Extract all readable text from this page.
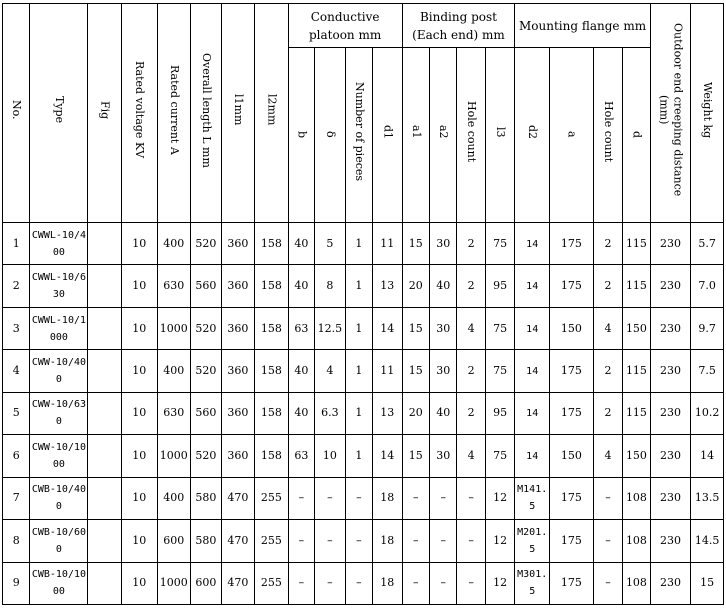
No.	Type	Fig	Rated voltage KV	Rated current A	Overall length L mm	l1mm	l2mm	Conductive platoon mm				Binding post (Each end) mm				Mounting flange mm				Outdoor end creeping distance (mm)	Weight kg
								b	δ	Number of pieces	d1	a1	a2	Hole count	l3	d2	a	Hole count	d		
1	CWWL-10/400		10	400	520	360	158	40	5	1	11	15	30	2	75	14	175	2	115	230	5.7
2	CWWL-10/630		10	630	560	360	158	40	8	1	13	20	40	2	95	14	175	2	115	230	7.0
3	CWWL-10/1000		10	1000	520	360	158	63	12.5	1	14	15	30	4	75	14	150	4	150	230	9.7
4	CWW-10/400		10	400	520	360	158	40	4	1	11	15	30	2	75	14	175	2	115	230	7.5
5	CWW-10/630		10	630	560	360	158	40	6.3	1	13	20	40	2	95	14	175	2	115	230	10.2
6	CWW-10/1000		10	1000	520	360	158	63	10	1	14	15	30	4	75	14	150	4	150	230	14
7	CWB-10/400		10	400	580	470	255	–	–	–	18	–	–	–	12	M141.5	175	–	108	230	13.5
8	CWB-10/600		10	600	580	470	255	–	–	–	18	–	–	–	12	M201.5	175	–	108	230	14.5
9	CWB-10/1000		10	1000	600	470	255	–	–	–	18	–	–	–	12	M301.5	175	–	108	230	15
